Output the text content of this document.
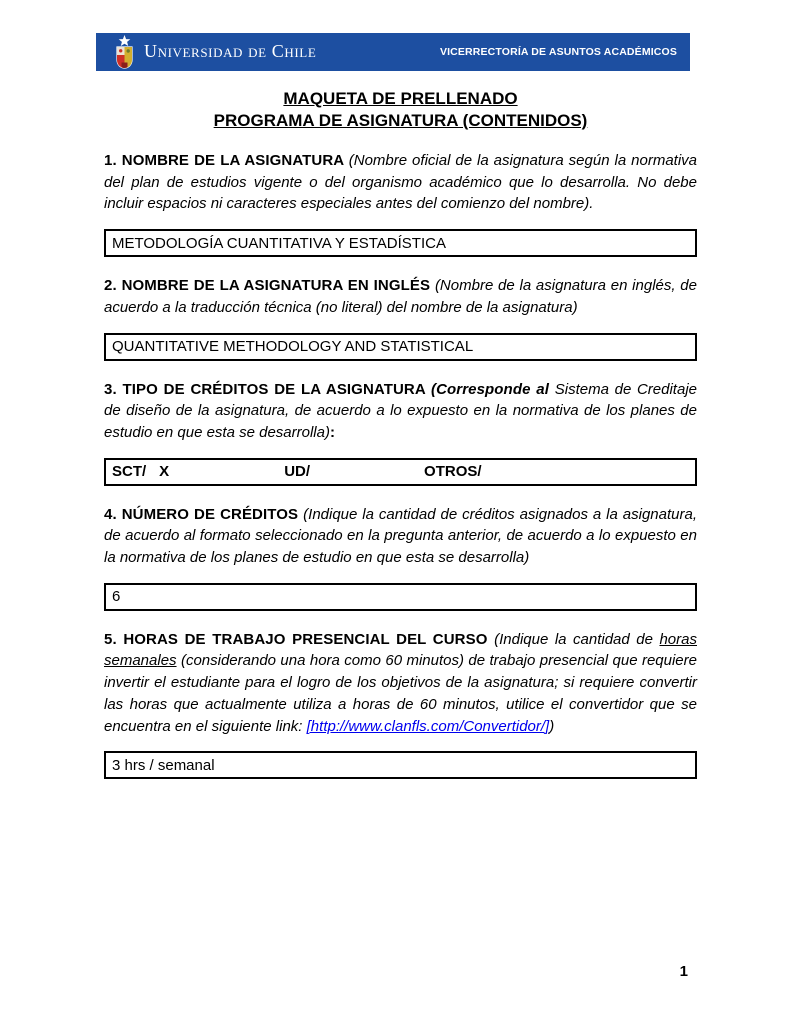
Universidad de Chile	VICERRECTORÍA DE ASUNTOS ACADÉMICOS
MAQUETA DE PRELLENADO
PROGRAMA DE ASIGNATURA (CONTENIDOS)

1. NOMBRE DE LA ASIGNATURA (Nombre oficial de la asignatura según la normativa del plan de estudios vigente o del organismo académico que lo desarrolla. No debe incluir espacios ni caracteres especiales antes del comienzo del nombre).

METODOLOGÍA CUANTITATIVA Y ESTADÍSTICA

2. NOMBRE DE LA ASIGNATURA EN INGLÉS (Nombre de la asignatura en inglés, de acuerdo a la traducción técnica (no literal) del nombre de la asignatura)

QUANTITATIVE METHODOLOGY AND STATISTICAL

3. TIPO DE CRÉDITOS DE LA ASIGNATURA (Corresponde al Sistema de Creditaje de diseño de la asignatura, de acuerdo a lo expuesto en la normativa de los planes de estudio en que esta se desarrolla):

SCT/ X	UD/	OTROS/

4. NÚMERO DE CRÉDITOS (Indique la cantidad de créditos asignados a la asignatura, de acuerdo al formato seleccionado en la pregunta anterior, de acuerdo a lo expuesto en la normativa de los planes de estudio en que esta se desarrolla)

6

5. HORAS DE TRABAJO PRESENCIAL DEL CURSO (Indique la cantidad de horas semanales (considerando una hora como 60 minutos) de trabajo presencial que requiere invertir el estudiante para el logro de los objetivos de la asignatura; si requiere convertir las horas que actualmente utiliza a horas de 60 minutos, utilice el convertidor que se encuentra en el siguiente link: [http://www.clanfls.com/Convertidor/])

3 hrs / semanal
1
